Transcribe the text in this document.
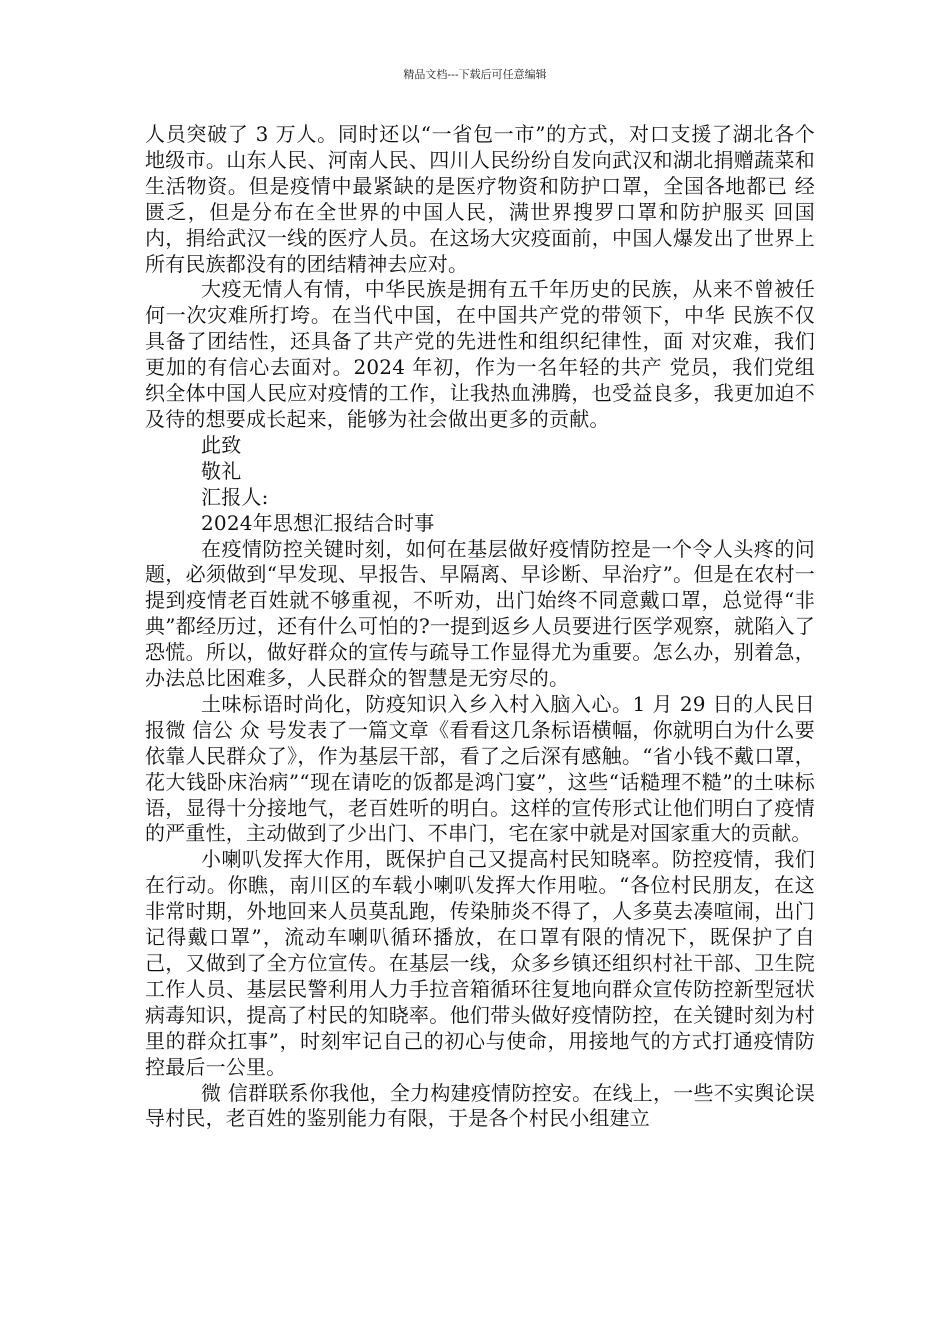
精品文档---下载后可任意编辑

人员突破了 3 万人。同时还以“一省包一市”的方式，对口支援了湖北各个地级市。山东人民、河南人民、四川人民纷纷自发向武汉和湖北捐赠蔬菜和生活物资。但是疫情中最紧缺的是医疗物资和防护口罩，全国各地都已 经匮乏，但是分布在全世界的中国人民，满世界搜罗口罩和防护服买 回国内，捐给武汉一线的医疗人员。在这场大灾疫面前，中国人爆发出了世界上所有民族都没有的团结精神去应对。

大疫无情人有情，中华民族是拥有五千年历史的民族，从来不曾被任何一次灾难所打垮。在当代中国，在中国共产党的带领下，中华 民族不仅具备了团结性，还具备了共产党的先进性和组织纪律性，面 对灾难，我们更加的有信心去面对。2024 年初，作为一名年轻的共产 党员，我们党组织全体中国人民应对疫情的工作，让我热血沸腾，也受益良多，我更加迫不及待的想要成长起来，能够为社会做出更多的贡献。

此致

敬礼

汇报人:

2024年思想汇报结合时事

在疫情防控关键时刻，如何在基层做好疫情防控是一个令人头疼的问题，必须做到“早发现、早报告、早隔离、早诊断、早治疗”。但是在农村一提到疫情老百姓就不够重视，不听劝，出门始终不同意戴口罩，总觉得“非典”都经历过，还有什么可怕的?一提到返乡人员要进行医学观察，就陷入了恐慌。所以，做好群众的宣传与疏导工作显得尤为重要。怎么办，别着急，办法总比困难多，人民群众的智慧是无穷尽的。

土味标语时尚化，防疫知识入乡入村入脑入心。1 月 29 日的人民日报微 信公 众 号发表了一篇文章《看看这几条标语横幅，你就明白为什么要依靠人民群众了》，作为基层干部，看了之后深有感触。“省小钱不戴口罩，花大钱卧床治病”“现在请吃的饭都是鸿门宴”，这些“话糙理不糙”的土味标语，显得十分接地气，老百姓听的明白。这样的宣传形式让他们明白了疫情的严重性，主动做到了少出门、不串门，宅在家中就是对国家重大的贡献。

小喇叭发挥大作用，既保护自己又提高村民知晓率。防控疫情，我们在行动。你瞧，南川区的车载小喇叭发挥大作用啦。“各位村民朋友，在这非常时期，外地回来人员莫乱跑，传染肺炎不得了，人多莫去凑喧闹，出门记得戴口罩”，流动车喇叭循环播放，在口罩有限的情况下，既保护了自己，又做到了全方位宣传。在基层一线，众多乡镇还组织村社干部、卫生院工作人员、基层民警利用人力手拉音箱循环往复地向群众宣传防控新型冠状病毒知识，提高了村民的知晓率。他们带头做好疫情防控，在关键时刻为村里的群众扛事”，时刻牢记自己的初心与使命，用接地气的方式打通疫情防控最后一公里。

微 信群联系你我他，全力构建疫情防控安。在线上，一些不实舆论误导村民，老百姓的鉴别能力有限，于是各个村民小组建立
